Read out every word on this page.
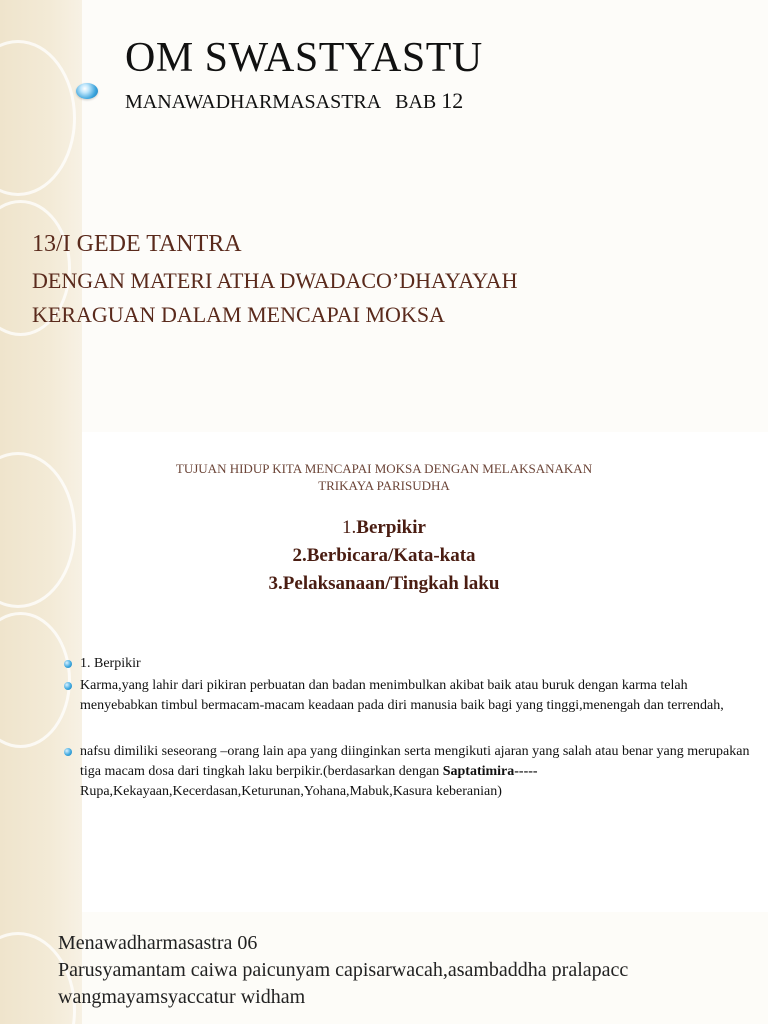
OM SWASTYASTU

MANAWADHARMASASTRA   BAB 12

13/I GEDE TANTRA

DENGAN MATERI ATHA DWADACO’DHAYAYAH

KERAGUAN DALAM MENCAPAI MOKSA

TUJUAN HIDUP KITA MENCAPAI MOKSA DENGAN MELAKSANAKAN
TRIKAYA PARISUDHA
1.Berpikir
2.Berbicara/Kata-kata
3.Pelaksanaan/Tingkah laku
1. Berpikir
Karma,yang lahir dari pikiran perbuatan dan badan menimbulkan akibat baik atau buruk dengan karma telah menyebabkan timbul bermacam-macam keadaan pada diri manusia baik bagi yang tinggi,menengah dan terrendah,
nafsu dimiliki seseorang –orang lain apa yang diinginkan serta mengikuti ajaran yang salah atau benar yang merupakan tiga macam dosa dari tingkah laku berpikir.(berdasarkan dengan Saptatimira-----Rupa,Kekayaan,Kecerdasan,Keturunan,Yohana,Mabuk,Kasura keberanian)
Menawadharmasastra 06
Parusyamantam caiwa paicunyam capisarwacah,asambaddha pralapacc
wangmayamsyaccatur widham
